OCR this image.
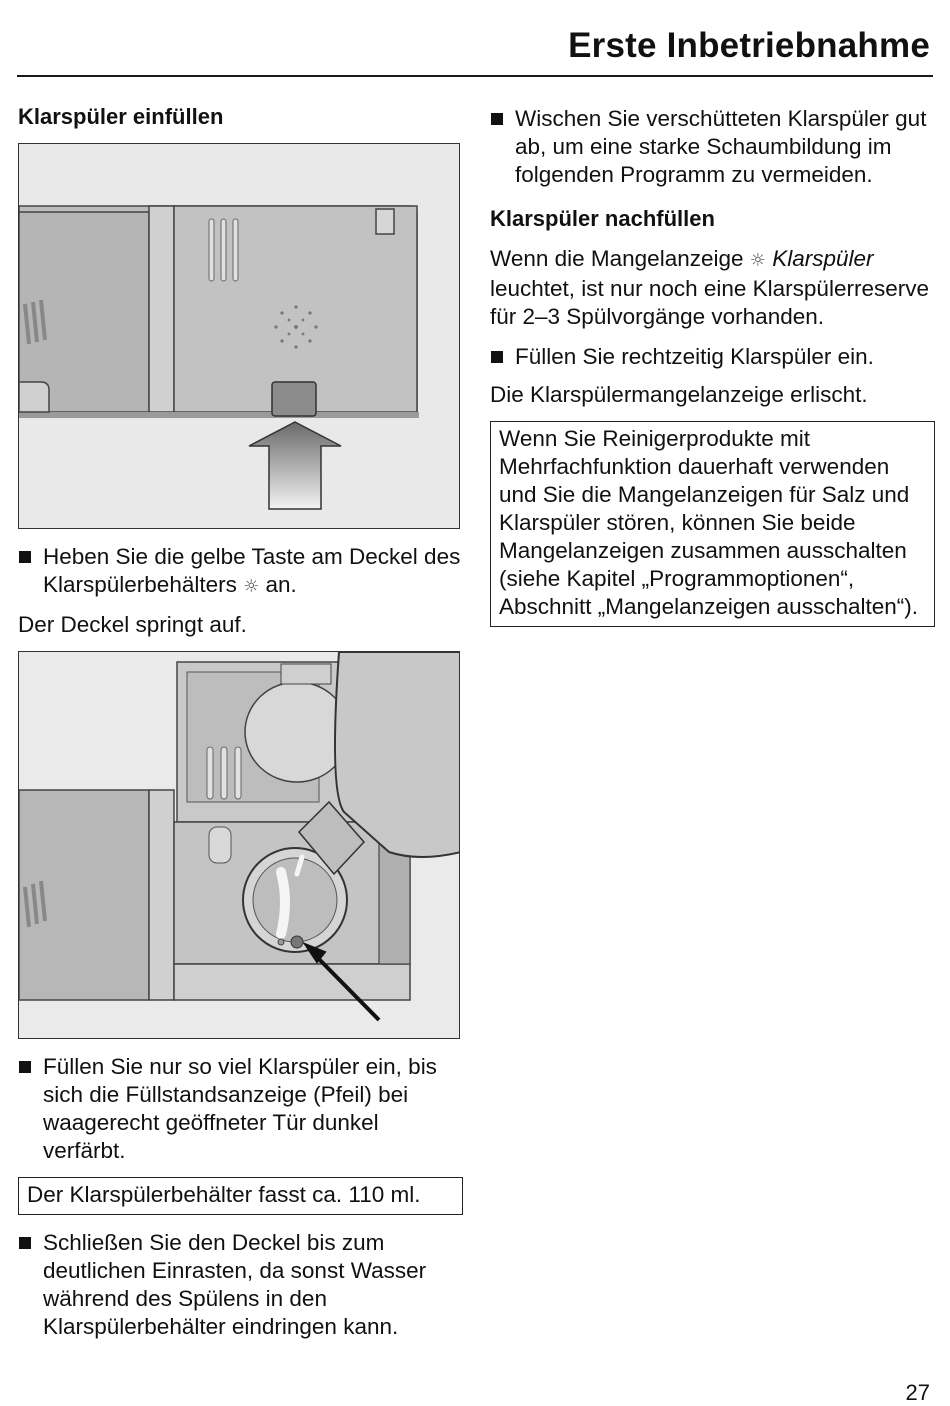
Erste Inbetriebnahme
Klarspüler einfüllen
Heben Sie die gelbe Taste am Deckel des Klarspülerbehälters ☼ an.
Der Deckel springt auf.
Füllen Sie nur so viel Klarspüler ein, bis sich die Füllstandsanzeige (Pfeil) bei waagerecht geöffneter Tür dunkel verfärbt.
Der Klarspülerbehälter fasst ca. 110 ml.
Schließen Sie den Deckel bis zum deutlichen Einrasten, da sonst Wasser während des Spülens in den Klarspülerbehälter eindringen kann.
Wischen Sie verschütteten Klarspüler gut ab, um eine starke Schaumbildung im folgenden Programm zu vermeiden.
Klarspüler nachfüllen
Wenn die Mangelanzeige ☼ Klarspüler leuchtet, ist nur noch eine Klarspülerreserve für 2–3 Spülvorgänge vorhanden.
Füllen Sie rechtzeitig Klarspüler ein.
Die Klarspülermangelanzeige erlischt.
Wenn Sie Reinigerprodukte mit Mehrfachfunktion dauerhaft verwenden und Sie die Mangelanzeigen für Salz und Klarspüler stören, können Sie beide Mangelanzeigen zusammen ausschalten (siehe Kapitel „Programmoptionen“, Abschnitt „Mangelanzeigen ausschalten“).
27
